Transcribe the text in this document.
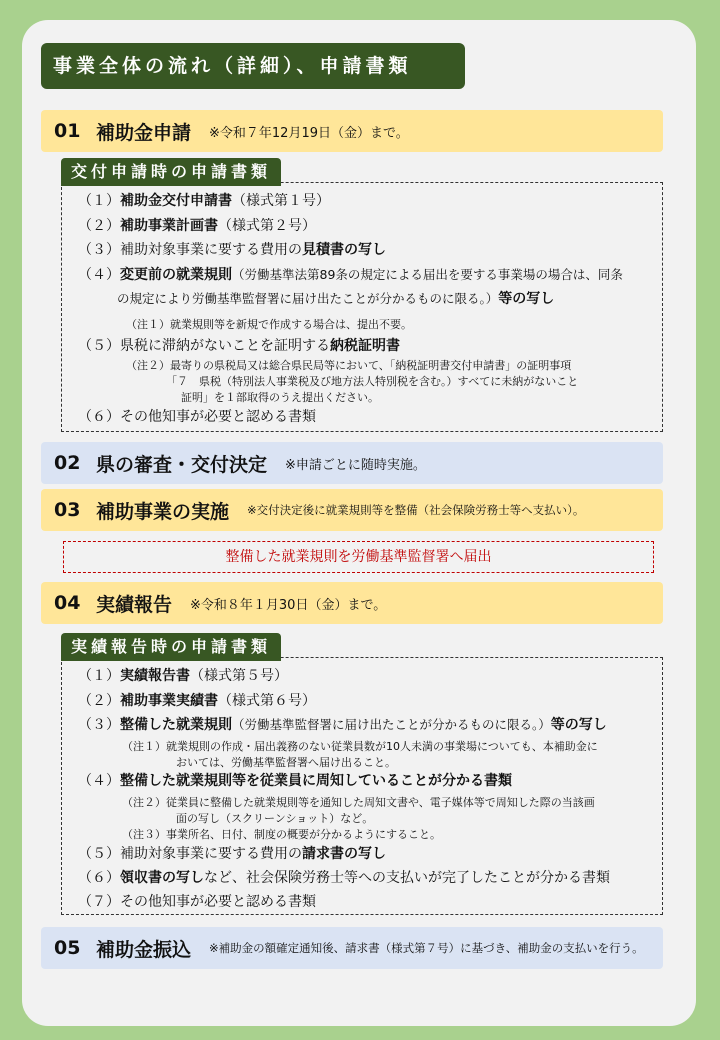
事業全体の流れ（詳細）、申請書類
01 補助金申請 ※令和７年12月19日（金）まで。
交付申請時の申請書類
（１）補助金交付申請書（様式第１号）
（２）補助事業計画書（様式第２号）
（３）補助対象事業に要する費用の見積書の写し
（４）変更前の就業規則（労働基準法第89条の規定による届出を要する事業場の場合は、同条
の規定により労働基準監督署に届け出たことが分かるものに限る。）等の写し
（注１）就業規則等を新規で作成する場合は、提出不要。
（５）県税に滞納がないことを証明する納税証明書
（注２）最寄りの県税局又は総合県民局等において、「納税証明書交付申請書」の証明事項
「７　県税（特別法人事業税及び地方法人特別税を含む。）すべてに未納がないこと
証明」を１部取得のうえ提出ください。
（６）その他知事が必要と認める書類
02 県の審査・交付決定 ※申請ごとに随時実施。
03 補助事業の実施 ※交付決定後に就業規則等を整備（社会保険労務士等へ支払い）。
整備した就業規則を労働基準監督署へ届出
04 実績報告 ※令和８年１月30日（金）まで。
実績報告時の申請書類
（１）実績報告書（様式第５号）
（２）補助事業実績書（様式第６号）
（３）整備した就業規則（労働基準監督署に届け出たことが分かるものに限る。）等の写し
（注１）就業規則の作成・届出義務のない従業員数が10人未満の事業場についても、本補助金に
おいては、労働基準監督署へ届け出ること。
（４）整備した就業規則等を従業員に周知していることが分かる書類
（注２）従業員に整備した就業規則等を通知した周知文書や、電子媒体等で周知した際の当該画
面の写し（スクリーンショット）など。
（注３）事業所名、日付、制度の概要が分かるようにすること。
（５）補助対象事業に要する費用の請求書の写し
（６）領収書の写しなど、社会保険労務士等への支払いが完了したことが分かる書類
（７）その他知事が必要と認める書類
05 補助金振込 ※補助金の額確定通知後、請求書（様式第７号）に基づき、補助金の支払いを行う。
